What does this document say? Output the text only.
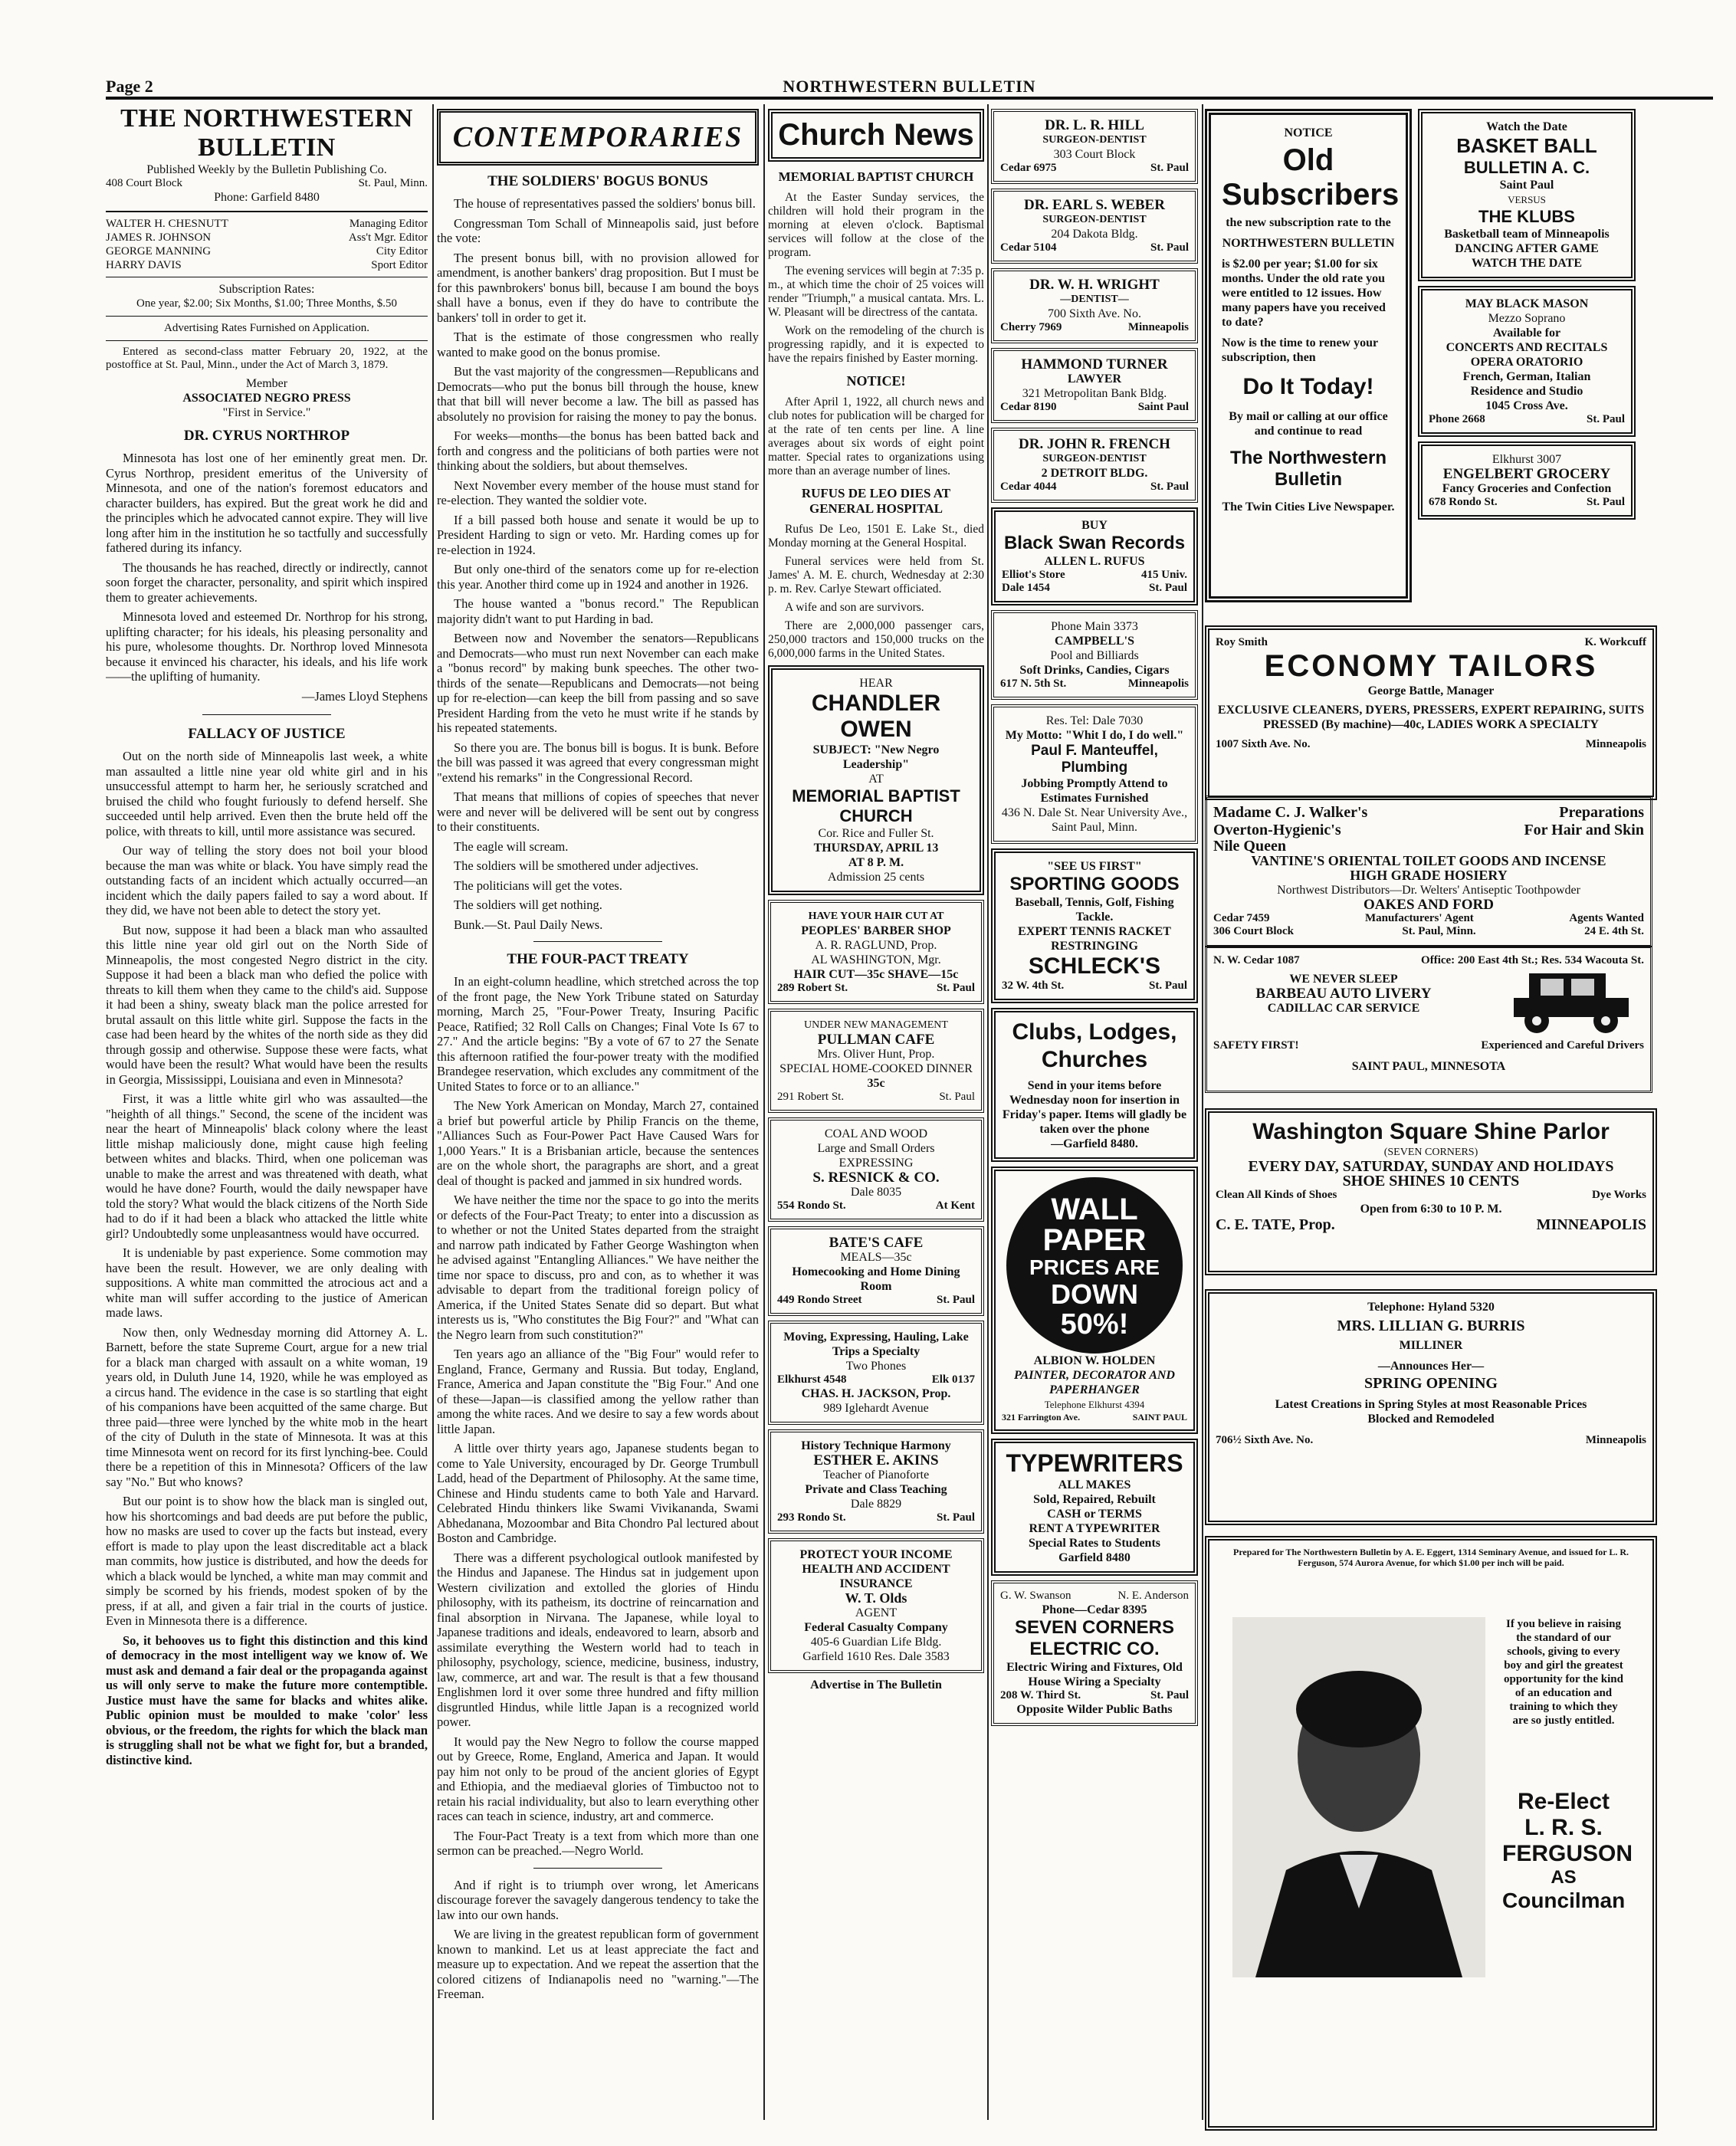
Page 2	NORTHWESTERN BULLETIN
THE NORTHWESTERN BULLETIN
Published Weekly by the Bulletin Publishing Co.
408 Court Block	St. Paul, Minn.
Phone: Garfield 8480
WALTER H. CHESNUTT	Managing Editor
JAMES R. JOHNSON	Ass't Mgr. Editor
GEORGE MANNING	City Editor
HARRY DAVIS	Sport Editor
Subscription Rates:
One year, $2.00; Six Months, $1.00; Three Months, $.50
Advertising Rates Furnished on Application.

Entered as second-class matter February 20, 1922, at the postoffice at St. Paul, Minn., under the Act of March 3, 1879.

Member
ASSOCIATED NEGRO PRESS
"First in Service."
DR. CYRUS NORTHROP

Minnesota has lost one of her eminently great men. Dr. Cyrus Northrop, president emeritus of the University of Minnesota, and one of the nation's foremost educators and character builders, has expired. But the great work he did and the principles which he advocated cannot expire. They will live long after him in the institution he so tactfully and successfully fathered during its infancy.

The thousands he has reached, directly or indirectly, cannot soon forget the character, personality, and spirit which inspired them to greater achievements.

Minnesota loved and esteemed Dr. Northrop for his strong, uplifting character; for his ideals, his pleasing personality and his pure, wholesome thoughts. Dr. Northrop loved Minnesota because it envinced his character, his ideals, and his life work——the uplifting of humanity.

—James Lloyd Stephens

FALLACY OF JUSTICE

Out on the north side of Minneapolis last week, a white man assaulted a little nine year old white girl and in his unsuccessful attempt to harm her, he seriously scratched and bruised the child who fought furiously to defend herself. She succeeded until help arrived. Even then the brute held off the police, with threats to kill, until more assistance was secured.

Our way of telling the story does not boil your blood because the man was white or black. You have simply read the outstanding facts of an incident which actually occurred—an incident which the daily papers failed to say a word about. If they did, we have not been able to detect the story yet.

But now, suppose it had been a black man who assaulted this little nine year old girl out on the North Side of Minneapolis, the most congested Negro district in the city. Suppose it had been a black man who defied the police with threats to kill them when they came to the child's aid. Suppose it had been a shiny, sweaty black man the police arrested for brutal assault on this little white girl. Suppose the facts in the case had been heard by the whites of the north side as they did through gossip and otherwise. Suppose these were facts, what would have been the result? What would have been the results in Georgia, Mississippi, Louisiana and even in Minnesota?

First, it was a little white girl who was assaulted—the "heighth of all things." Second, the scene of the incident was near the heart of Minneapolis' black colony where the least little mishap maliciously done, might cause high feeling between whites and blacks. Third, when one policeman was unable to make the arrest and was threatened with death, what would he have done? Fourth, would the daily newspaper have told the story? What would the black citizens of the North Side had to do if it had been a black who attacked the little white girl? Undoubtedly some unpleasantness would have occurred.

It is undeniable by past experience. Some commotion may have been the result. However, we are only dealing with suppositions. A white man committed the atrocious act and a white man will suffer according to the justice of American made laws.

Now then, only Wednesday morning did Attorney A. L. Barnett, before the state Supreme Court, argue for a new trial for a black man charged with assault on a white woman, 19 years old, in Duluth June 14, 1920, while he was employed as a circus hand. The evidence in the case is so startling that eight of his companions have been acquitted of the same charge. But three paid—three were lynched by the white mob in the heart of the city of Duluth in the state of Minnesota. It was at this time Minnesota went on record for its first lynching-bee. Could there be a repetition of this in Minnesota? Officers of the law say "No." But who knows?

But our point is to show how the black man is singled out, how his shortcomings and bad deeds are put before the public, how no masks are used to cover up the facts but instead, every effort is made to play upon the least discreditable act a black man commits, how justice is distributed, and how the deeds for which a black would be lynched, a white man may commit and simply be scorned by his friends, modest spoken of by the press, if at all, and given a fair trial in the courts of justice. Even in Minnesota there is a difference.

So, it behooves us to fight this distinction and this kind of democracy in the most intelligent way we know of. We must ask and demand a fair deal or the propaganda against us will only serve to make the future more contemptible. Justice must have the same for blacks and whites alike. Public opinion must be moulded to make 'color' less obvious, or the freedom, the rights for which the black man is struggling shall not be what we fight for, but a branded, distinctive kind.

CONTEMPORARIES
THE SOLDIERS' BOGUS BONUS

The house of representatives passed the soldiers' bonus bill.

Congressman Tom Schall of Minneapolis said, just before the vote:

The present bonus bill, with no provision allowed for amendment, is another bankers' drag proposition. But I must be for this pawnbrokers' bonus bill, because I am bound the boys shall have a bonus, even if they do have to contribute the bankers' toll in order to get it.

That is the estimate of those congressmen who really wanted to make good on the bonus promise.

But the vast majority of the congressmen—Republicans and Democrats—who put the bonus bill through the house, knew that that bill will never become a law. The bill as passed has absolutely no provision for raising the money to pay the bonus.

For weeks—months—the bonus has been batted back and forth and congress and the politicians of both parties were not thinking about the soldiers, but about themselves.

Next November every member of the house must stand for re-election. They wanted the soldier vote.

If a bill passed both house and senate it would be up to President Harding to sign or veto. Mr. Harding comes up for re-election in 1924.

But only one-third of the senators come up for re-election this year. Another third come up in 1924 and another in 1926.

The house wanted a "bonus record." The Republican majority didn't want to put Harding in bad.

Between now and November the senators—Republicans and Democrats—who must run next November can each make a "bonus record" by making bunk speeches. The other two-thirds of the senate—Republicans and Democrats—not being up for re-election—can keep the bill from passing and so save President Harding from the veto he must write if he stands by his repeated statements.

So there you are. The bonus bill is bogus. It is bunk. Before the bill was passed it was agreed that every congressman might "extend his remarks" in the Congressional Record.

That means that millions of copies of speeches that never were and never will be delivered will be sent out by congress to their constituents.

The eagle will scream.

The soldiers will be smothered under adjectives.

The politicians will get the votes.

The soldiers will get nothing.

Bunk.—St. Paul Daily News.

THE FOUR-PACT TREATY

In an eight-column headline, which stretched across the top of the front page, the New York Tribune stated on Saturday morning, March 25, "Four-Power Treaty, Insuring Pacific Peace, Ratified; 32 Roll Calls on Changes; Final Vote Is 67 to 27." And the article begins: "By a vote of 67 to 27 the Senate this afternoon ratified the four-power treaty with the modified Brandegee reservation, which excludes any commitment of the United States to force or to an alliance."

The New York American on Monday, March 27, contained a brief but powerful article by Philip Francis on the theme, "Alliances Such as Four-Power Pact Have Caused Wars for 1,000 Years." It is a Brisbanian article, because the sentences are on the whole short, the paragraphs are short, and a great deal of thought is packed and jammed in six hundred words.

We have neither the time nor the space to go into the merits or defects of the Four-Pact Treaty; to enter into a discussion as to whether or not the United States departed from the straight and narrow path indicated by Father George Washington when he advised against "Entangling Alliances." We have neither the time nor space to discuss, pro and con, as to whether it was advisable to depart from the traditional foreign policy of America, if the United States Senate did so depart. But what interests us is, "Who constitutes the Big Four?" and "What can the Negro learn from such constitution?"

Ten years ago an alliance of the "Big Four" would refer to England, France, Germany and Russia. But today, England, France, America and Japan constitute the "Big Four." And one of these—Japan—is classified among the yellow rather than among the white races. And we desire to say a few words about little Japan.

A little over thirty years ago, Japanese students began to come to Yale University, encouraged by Dr. George Trumbull Ladd, head of the Department of Philosophy. At the same time, Chinese and Hindu students came to both Yale and Harvard. Celebrated Hindu thinkers like Swami Vivikananda, Swami Abhedanana, Mozoombar and Bita Chondro Pal lectured about Boston and Cambridge.

There was a different psychological outlook manifested by the Hindus and Japanese. The Hindus sat in judgement upon Western civilization and extolled the glories of Hindu philosophy, with its patheism, its doctrine of reincarnation and final absorption in Nirvana. The Japanese, while loyal to Japanese traditions and ideals, endeavored to learn, absorb and assimilate everything the Western world had to teach in philosophy, psychology, science, medicine, business, industry, law, commerce, art and war. The result is that a few thousand Englishmen lord it over some three hundred and fifty million disgruntled Hindus, while little Japan is a recognized world power.

It would pay the New Negro to follow the course mapped out by Greece, Rome, England, America and Japan. It would pay him not only to be proud of the ancient glories of Egypt and Ethiopia, and the mediaeval glories of Timbuctoo not to retain his racial individuality, but also to learn everything other races can teach in science, industry, art and commerce.

The Four-Pact Treaty is a text from which more than one sermon can be preached.—Negro World.

And if right is to triumph over wrong, let Americans discourage forever the savagely dangerous tendency to take the law into our own hands.

We are living in the greatest republican form of government known to mankind. Let us at least appreciate the fact and measure up to expectation. And we repeat the assertion that the colored citizens of Indianapolis need no "warning."—The Freeman.

Church News
MEMORIAL BAPTIST CHURCH

At the Easter Sunday services, the children will hold their program in the morning at eleven o'clock. Baptismal services will follow at the close of the program.

The evening services will begin at 7:35 p. m., at which time the choir of 25 voices will render "Triumph," a musical cantata. Mrs. L. W. Pleasant will be directress of the cantata.

Work on the remodeling of the church is progressing rapidly, and it is expected to have the repairs finished by Easter morning.

NOTICE!

After April 1, 1922, all church news and club notes for publication will be charged for at the rate of ten cents per line. A line averages about six words of eight point matter. Special rates to organizations using more than an average number of lines.

RUFUS DE LEO DIES AT GENERAL HOSPITAL

Rufus De Leo, 1501 E. Lake St., died Monday morning at the General Hospital.

Funeral services were held from St. James' A. M. E. church, Wednesday at 2:30 p. m. Rev. Carlye Stewart officiated.

A wife and son are survivors.

There are 2,000,000 passenger cars, 250,000 tractors and 150,000 trucks on the 6,000,000 farms in the United States.

HEAR
CHANDLER OWEN
SUBJECT: "New Negro Leadership"
AT
MEMORIAL BAPTIST CHURCH
Cor. Rice and Fuller St.
THURSDAY, APRIL 13
AT 8 P. M.
Admission 25 cents
HAVE YOUR HAIR CUT AT
PEOPLES' BARBER SHOP
A. R. RAGLUND, Prop.
AL WASHINGTON, Mgr.
HAIR CUT—35c SHAVE—15c
289 Robert St.	St. Paul
UNDER NEW MANAGEMENT
PULLMAN CAFE
Mrs. Oliver Hunt, Prop.
SPECIAL HOME-COOKED DINNER
35c
291 Robert St.	St. Paul
COAL AND WOOD
Large and Small Orders
EXPRESSING
S. RESNICK & CO.
Dale 8035
554 Rondo St.	At Kent
BATE'S CAFE
MEALS—35c
Homecooking and Home Dining Room
449 Rondo Street	St. Paul
Moving, Expressing, Hauling, Lake Trips a Specialty
Two Phones
Elkhurst 4548	Elk 0137
CHAS. H. JACKSON, Prop.
989 Iglehardt Avenue
History Technique Harmony
ESTHER E. AKINS
Teacher of Pianoforte
Private and Class Teaching
Dale 8829
293 Rondo St.	St. Paul
PROTECT YOUR INCOME
HEALTH AND ACCIDENT
INSURANCE
W. T. Olds
AGENT
Federal Casualty Company
405-6 Guardian Life Bldg.
Garfield 1610 Res. Dale 3583
Advertise in The Bulletin
DR. L. R. HILL
SURGEON-DENTIST
303 Court Block
Cedar 6975	St. Paul
DR. EARL S. WEBER
SURGEON-DENTIST
204 Dakota Bldg.
Cedar 5104	St. Paul
DR. W. H. WRIGHT
—DENTIST—
700 Sixth Ave. No.
Cherry 7969	Minneapolis
HAMMOND TURNER
LAWYER
321 Metropolitan Bank Bldg.
Cedar 8190	Saint Paul
DR. JOHN R. FRENCH
SURGEON-DENTIST
2 DETROIT BLDG.
Cedar 4044	St. Paul
BUY
Black Swan Records
ALLEN L. RUFUS
Elliot's Store	415 Univ.
Dale 1454	St. Paul
Phone Main 3373
CAMPBELL'S
Pool and Billiards
Soft Drinks, Candies, Cigars
617 N. 5th St.	Minneapolis
Res. Tel: Dale 7030
My Motto: "Whit I do, I do well."
Paul F. Manteuffel, Plumbing
Jobbing Promptly Attend to
Estimates Furnished
436 N. Dale St. Near University Ave., Saint Paul, Minn.
"SEE US FIRST"
SPORTING GOODS
Baseball, Tennis, Golf, Fishing Tackle.
EXPERT TENNIS RACKET RESTRINGING
SCHLECK'S
32 W. 4th St.	St. Paul
Clubs, Lodges, Churches
Send in your items before Wednesday noon for insertion in Friday's paper. Items will gladly be taken over the phone
—Garfield 8480.
WALL
PAPER
PRICES ARE
DOWN
50%!
ALBION W. HOLDEN
PAINTER, DECORATOR AND PAPERHANGER
Telephone Elkhurst 4394
321 Farrington Ave.	SAINT PAUL
TYPEWRITERS
ALL MAKES
Sold, Repaired, Rebuilt
CASH or TERMS
RENT A TYPEWRITER
Special Rates to Students
Garfield 8480
G. W. Swanson	N. E. Anderson
Phone—Cedar 8395
SEVEN CORNERS
ELECTRIC CO.
Electric Wiring and Fixtures, Old House Wiring a Specialty
208 W. Third St.	St. Paul
Opposite Wilder Public Baths
NOTICE
Old Subscribers
the new subscription rate to the
NORTHWESTERN BULLETIN
is $2.00 per year; $1.00 for six months. Under the old rate you were entitled to 12 issues. How many papers have you received to date?
Now is the time to renew your subscription, then
Do It Today!
By mail or calling at our office and continue to read
The Northwestern Bulletin
The Twin Cities Live Newspaper.
Watch the Date
BASKET BALL
BULLETIN A. C.
Saint Paul
VERSUS
THE KLUBS
Basketball team of Minneapolis
DANCING AFTER GAME
WATCH THE DATE
MAY BLACK MASON
Mezzo Soprano
Available for
CONCERTS AND RECITALS
OPERA ORATORIO
French, German, Italian
Residence and Studio
1045 Cross Ave.
Phone 2668	St. Paul
Elkhurst 3007
ENGELBERT GROCERY
Fancy Groceries and Confection
678 Rondo St.	St. Paul
Roy Smith	K. Workcuff
ECONOMY TAILORS
George Battle, Manager
EXCLUSIVE CLEANERS, DYERS, PRESSERS, EXPERT REPAIRING, SUITS PRESSED (By machine)—40c, LADIES WORK A SPECIALTY
1007 Sixth Ave. No.	Minneapolis
Madame C. J. Walker's	Preparations
Overton-Hygienic's	For Hair and Skin
Nile Queen
VANTINE'S ORIENTAL TOILET GOODS AND INCENSE
HIGH GRADE HOSIERY
Northwest Distributors—Dr. Welters' Antiseptic Toothpowder
OAKES AND FORD
Cedar 7459	Manufacturers' Agent	Agents Wanted
306 Court Block	St. Paul, Minn.	24 E. 4th St.
N. W. Cedar 1087	Office: 200 East 4th St.; Res. 534 Wacouta St.
WE NEVER SLEEP
BARBEAU AUTO LIVERY
CADILLAC CAR SERVICE
SAFETY FIRST!	Experienced and Careful Drivers
SAINT PAUL, MINNESOTA
Washington Square Shine Parlor
(SEVEN CORNERS)
EVERY DAY, SATURDAY, SUNDAY AND HOLIDAYS
SHOE SHINES 10 CENTS
Clean All Kinds of Shoes	Dye Works
Open from 6:30 to 10 P. M.
C. E. TATE, Prop.	MINNEAPOLIS
Telephone: Hyland 5320
MRS. LILLIAN G. BURRIS
MILLINER
—Announces Her—
SPRING OPENING
Latest Creations in Spring Styles at most Reasonable Prices
Blocked and Remodeled
706½ Sixth Ave. No.	Minneapolis
Prepared for The Northwestern Bulletin by A. E. Eggert, 1314 Seminary Avenue, and issued for L. R. Ferguson, 574 Aurora Avenue, for which $1.00 per inch will be paid.
If you believe in raising the standard of our schools, giving to every boy and girl the greatest opportunity for the kind of an education and training to which they are so justly entitled.
Re-Elect
L. R. S.
FERGUSON
AS
Councilman
